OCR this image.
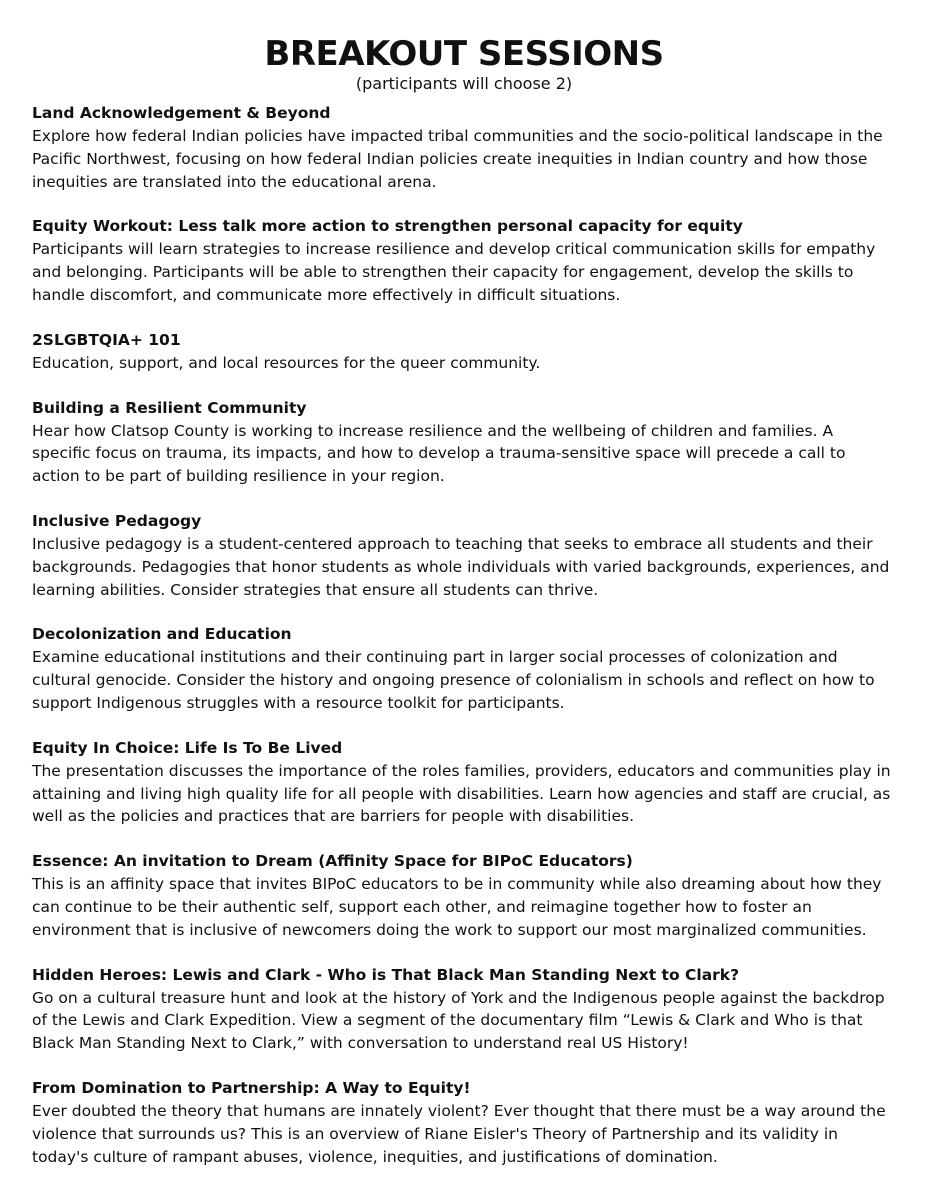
BREAKOUT SESSIONS

(participants will choose 2)

Land Acknowledgement & Beyond

Explore how federal Indian policies have impacted tribal communities and the socio-political landscape in the Pacific Northwest, focusing on how federal Indian policies create inequities in Indian country and how those inequities are translated into the educational arena.

Equity Workout: Less talk more action to strengthen personal capacity for equity

Participants will learn strategies to increase resilience and develop critical communication skills for empathy and belonging. Participants will be able to strengthen their capacity for engagement, develop the skills to handle discomfort, and communicate more effectively in difficult situations.

2SLGBTQIA+ 101

Education, support, and local resources for the queer community.

Building a Resilient Community

Hear how Clatsop County is working to increase resilience and the wellbeing of children and families. A specific focus on trauma, its impacts, and how to develop a trauma-sensitive space will precede a call to action to be part of building resilience in your region.

Inclusive Pedagogy

Inclusive pedagogy is a student-centered approach to teaching that seeks to embrace all students and their backgrounds. Pedagogies that honor students as whole individuals with varied backgrounds, experiences, and learning abilities. Consider strategies that ensure all students can thrive.

Decolonization and Education

Examine educational institutions and their continuing part in larger social processes of colonization and cultural genocide. Consider the history and ongoing presence of colonialism in schools and reflect on how to support Indigenous struggles with a resource toolkit for participants.

Equity In Choice: Life Is To Be Lived

The presentation discusses the importance of the roles families, providers, educators and communities play in attaining and living high quality life for all people with disabilities. Learn how agencies and staff are crucial, as well as the policies and practices that are barriers for people with disabilities.

Essence: An invitation to Dream (Affinity Space for BIPoC Educators)

This is an affinity space that invites BIPoC educators to be in community while also dreaming about how they can continue to be their authentic self, support each other, and reimagine together how to foster an environment that is inclusive of newcomers doing the work to support our most marginalized communities.

Hidden Heroes: Lewis and Clark - Who is That Black Man Standing Next to Clark?

Go on a cultural treasure hunt and look at the history of York and the Indigenous people against the backdrop of the Lewis and Clark Expedition. View a segment of the documentary film “Lewis & Clark and Who is that Black Man Standing Next to Clark,” with conversation to understand real US History!

From Domination to Partnership: A Way to Equity!

Ever doubted the theory that humans are innately violent? Ever thought that there must be a way around the violence that surrounds us? This is an overview of Riane Eisler's Theory of Partnership and its validity in today's culture of rampant abuses, violence, inequities, and justifications of domination.
